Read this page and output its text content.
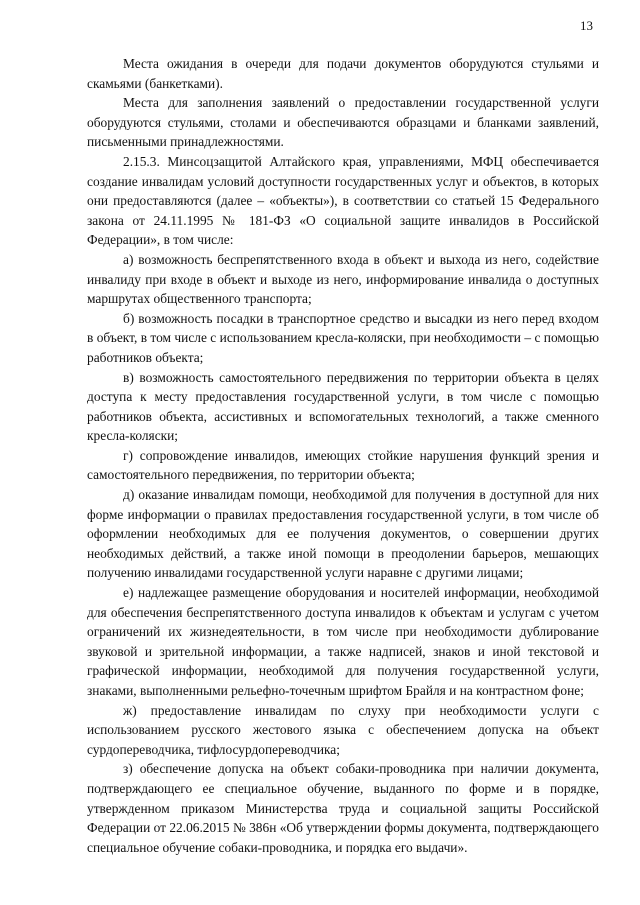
13

Места ожидания в очереди для подачи документов оборудуются стульями и скамьями (банкетками).

Места для заполнения заявлений о предоставлении государственной услуги оборудуются стульями, столами и обеспечиваются образцами и бланками заявлений, письменными принадлежностями.

2.15.3. Минсоцзащитой Алтайского края, управлениями, МФЦ обеспечивается создание инвалидам условий доступности государственных услуг и объектов, в которых они предоставляются (далее – «объекты»), в соответствии со статьей 15 Федерального закона от 24.11.1995 № 181-ФЗ «О социальной защите инвалидов в Российской Федерации», в том числе:

а) возможность беспрепятственного входа в объект и выхода из него, содействие инвалиду при входе в объект и выходе из него, информирование инвалида о доступных маршрутах общественного транспорта;

б) возможность посадки в транспортное средство и высадки из него перед входом в объект, в том числе с использованием кресла-коляски, при необходимости – с помощью работников объекта;

в) возможность самостоятельного передвижения по территории объекта в целях доступа к месту предоставления государственной услуги, в том числе с помощью работников объекта, ассистивных и вспомогательных технологий, а также сменного кресла-коляски;

г) сопровождение инвалидов, имеющих стойкие нарушения функций зрения и самостоятельного передвижения, по территории объекта;

д) оказание инвалидам помощи, необходимой для получения в доступной для них форме информации о правилах предоставления государственной услуги, в том числе об оформлении необходимых для ее получения документов, о совершении других необходимых действий, а также иной помощи в преодолении барьеров, мешающих получению инвалидами государственной услуги наравне с другими лицами;

е) надлежащее размещение оборудования и носителей информации, необходимой для обеспечения беспрепятственного доступа инвалидов к объектам и услугам с учетом ограничений их жизнедеятельности, в том числе при необходимости дублирование звуковой и зрительной информации, а также надписей, знаков и иной текстовой и графической информации, необходимой для получения государственной услуги, знаками, выполненными рельефно-точечным шрифтом Брайля и на контрастном фоне;

ж) предоставление инвалидам по слуху при необходимости услуги с использованием русского жестового языка с обеспечением допуска на объект сурдопереводчика, тифлосурдопереводчика;

з) обеспечение допуска на объект собаки-проводника при наличии документа, подтверждающего ее специальное обучение, выданного по форме и в порядке, утвержденном приказом Министерства труда и социальной защиты Российской Федерации от 22.06.2015 № 386н «Об утверждении формы документа, подтверждающего специальное обучение собаки-проводника, и порядка его выдачи».
